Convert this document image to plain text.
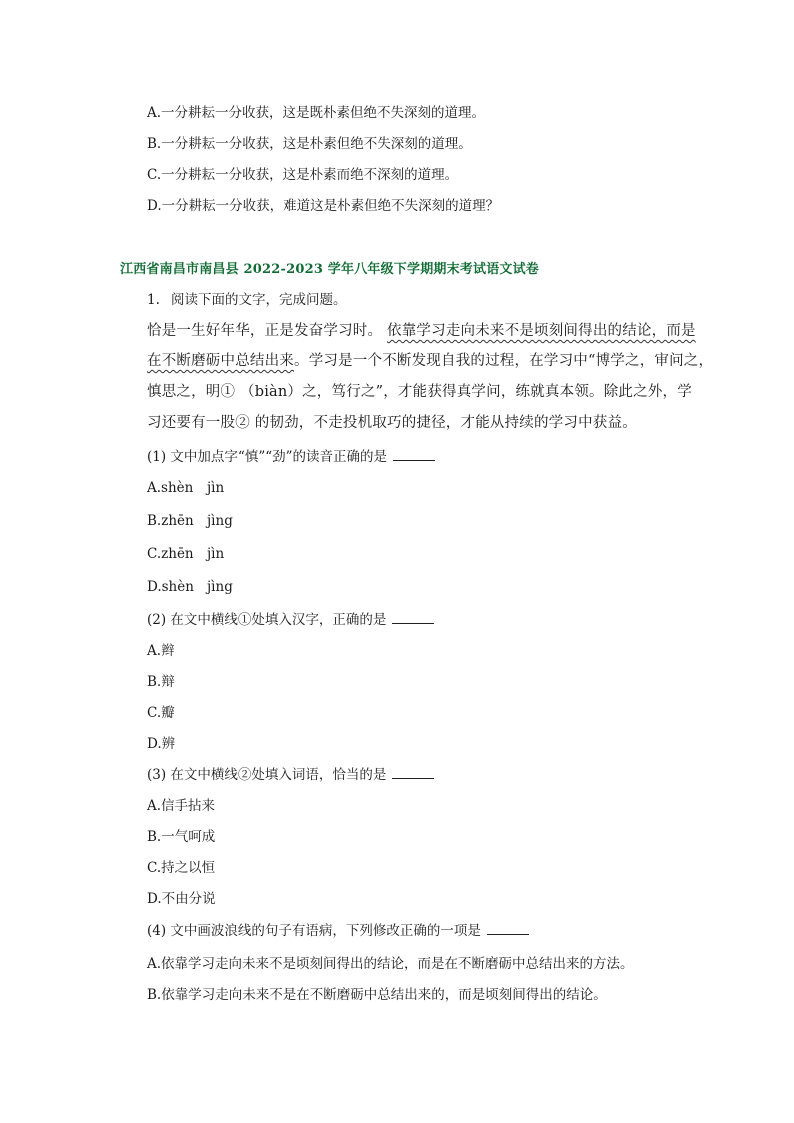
A.一分耕耘一分收获，这是既朴素但绝不失深刻的道理。
B.一分耕耘一分收获，这是朴素但绝不失深刻的道理。
C.一分耕耘一分收获，这是朴素而绝不深刻的道理。
D.一分耕耘一分收获，难道这是朴素但绝不失深刻的道理？
江西省南昌市南昌县 2022-2023 学年八年级下学期期末考试语文试卷
1. 阅读下面的文字，完成问题。
恰是一生好年华，正是发奋学习时。 依靠学习走向未来不是顷刻间得出的结论，而是
在不断磨砺中总结出来。学习是一个不断发现自我的过程，在学习中“博学之，审问之，
慎思之，明① （biàn）之，笃行之”，才能获得真学问，练就真本领。除此之外，学
习还要有一股② 的韧劲，不走投机取巧的捷径，才能从持续的学习中获益。
(1) 文中加点字“慎”“劲”的读音正确的是
A.shèn jìn
B.zhēn jìng
C.zhēn jìn
D.shèn jìng
(2) 在文中横线①处填入汉字，正确的是
A.辫
B.辩
C.瓣
D.辨
(3) 在文中横线②处填入词语，恰当的是
A.信手拈来
B.一气呵成
C.持之以恒
D.不由分说
(4) 文中画波浪线的句子有语病，下列修改正确的一项是
A.依靠学习走向未来不是顷刻间得出的结论，而是在不断磨砺中总结出来的方法。
B.依靠学习走向未来不是在不断磨砺中总结出来的，而是顷刻间得出的结论。
